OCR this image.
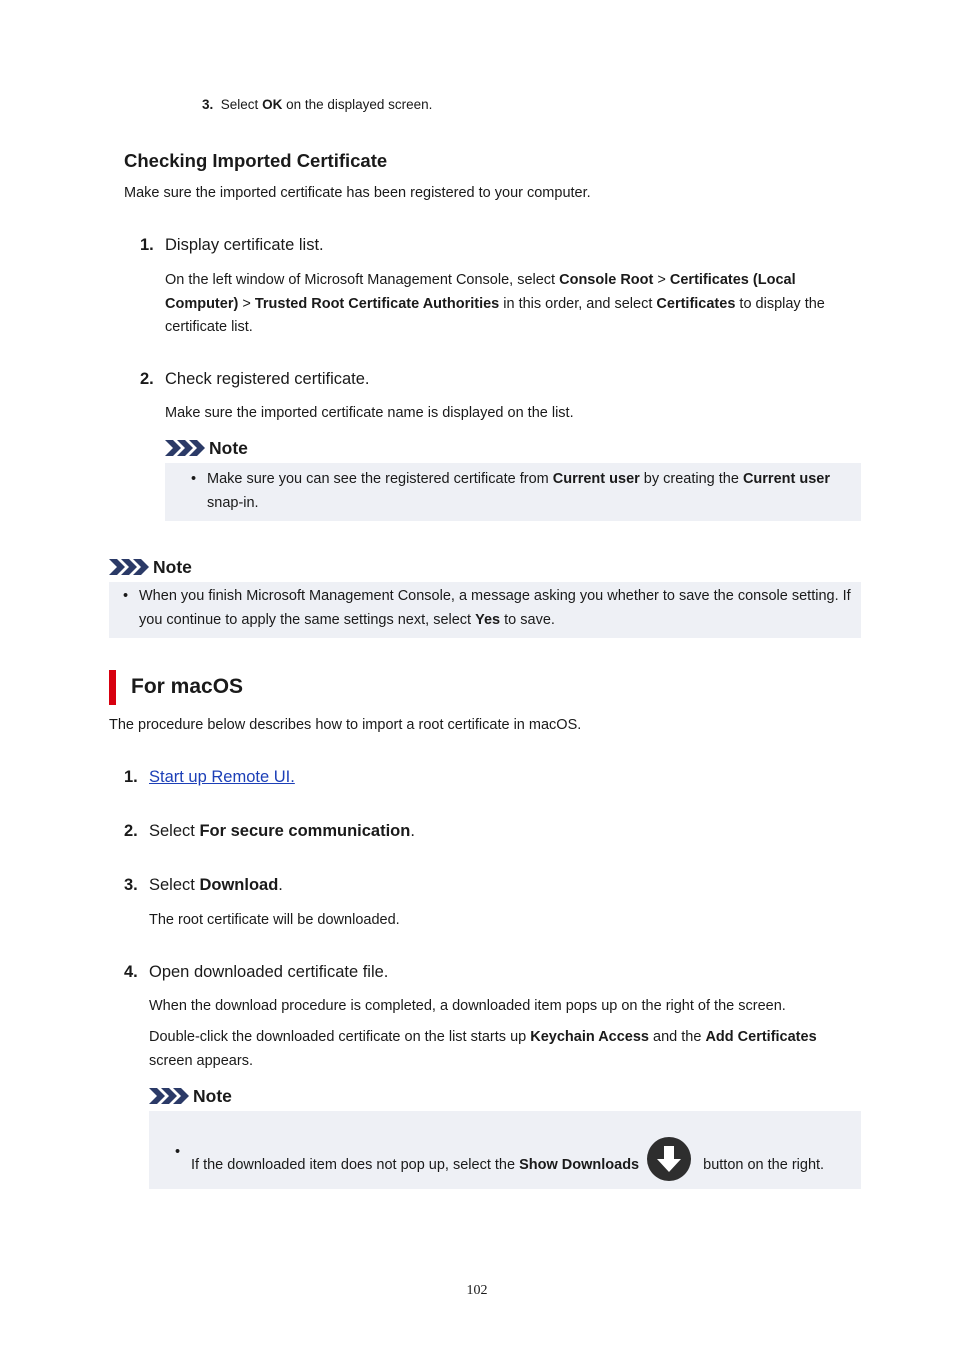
3. Select OK on the displayed screen.
Checking Imported Certificate
Make sure the imported certificate has been registered to your computer.
1. Display certificate list.
On the left window of Microsoft Management Console, select Console Root > Certificates (Local Computer) > Trusted Root Certificate Authorities in this order, and select Certificates to display the certificate list.
2. Check registered certificate.
Make sure the imported certificate name is displayed on the list.
Note
• Make sure you can see the registered certificate from Current user by creating the Current user snap-in.
Note
• When you finish Microsoft Management Console, a message asking you whether to save the console setting. If you continue to apply the same settings next, select Yes to save.
For macOS
The procedure below describes how to import a root certificate in macOS.
1. Start up Remote UI.
2. Select For secure communication.
3. Select Download.
The root certificate will be downloaded.
4. Open downloaded certificate file.
When the download procedure is completed, a downloaded item pops up on the right of the screen.
Double-click the downloaded certificate on the list starts up Keychain Access and the Add Certificates screen appears.
Note
• If the downloaded item does not pop up, select the Show Downloads	button on the right.
102
